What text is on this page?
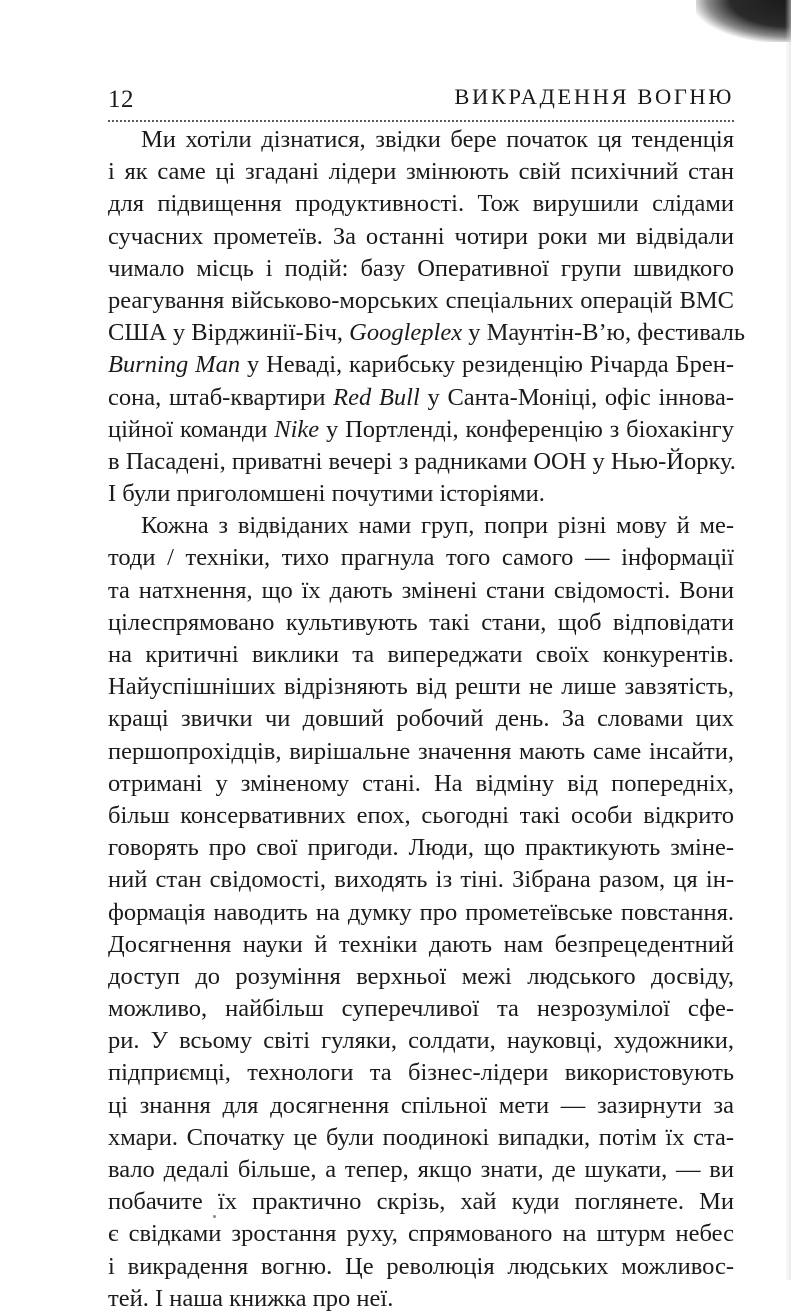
12	ВИКРАДЕННЯ ВОГНЮ
Ми хотіли дізнатися, звідки бере початок ця тенденція
і як саме ці згадані лідери змінюють свій психічний стан
для підвищення продуктивності. Тож вирушили слідами
сучасних прометеїв. За останні чотири роки ми відвідали
чимало місць і подій: базу Оперативної групи швидкого
реагування військово-морських спеціальних операцій ВМС
США у Вірджинії-Біч, Googleplex у Маунтін-В’ю, фестиваль
Burning Man у Неваді, карибську резиденцію Річарда Брен-
сона, штаб-квартири Red Bull у Санта-Моніці, офіс іннова-
ційної команди Nike у Портленді, конференцію з біохакінгу
в Пасадені, приватні вечері з радниками ООН у Нью-Йорку.
І були приголомшені почутими історіями.
Кожна з відвіданих нами груп, попри різні мову й ме-
тоди / техніки, тихо прагнула того самого — інформації
та натхнення, що їх дають змінені стани свідомості. Вони
цілеспрямовано культивують такі стани, щоб відповідати
на критичні виклики та випереджати своїх конкурентів.
Найуспішніших відрізняють від решти не лише завзятість,
кращі звички чи довший робочий день. За словами цих
першопрохідців, вирішальне значення мають саме інсайти,
отримані у зміненому стані. На відміну від попередніх,
більш консервативних епох, сьогодні такі особи відкрито
говорять про свої пригоди. Люди, що практикують змінe-
ний стан свідомості, виходять із тіні. Зібрана разом, ця ін-
формація наводить на думку про прометеївське повстання.
Досягнення науки й техніки дають нам безпрецедентний
доступ до розуміння верхньої межі людського досвіду,
можливо, найбільш суперечливої та незрозумілої сфе-
ри. У всьому світі гуляки, солдати, науковці, художники,
підприємці, технологи та бізнес-лідери використовують
ці знання для досягнення спільної мети — зазирнути за
хмари. Спочатку це були поодинокі випадки, потім їх ста-
вало дедалі більше, а тепер, якщо знати, де шукати, — ви
побачите їх практично скрізь, хай куди поглянете. Ми
є свідками зростання руху, спрямованого на штурм небес
і викрадення вогню. Це революція людських можливос-
тей. І наша книжка про неї.
